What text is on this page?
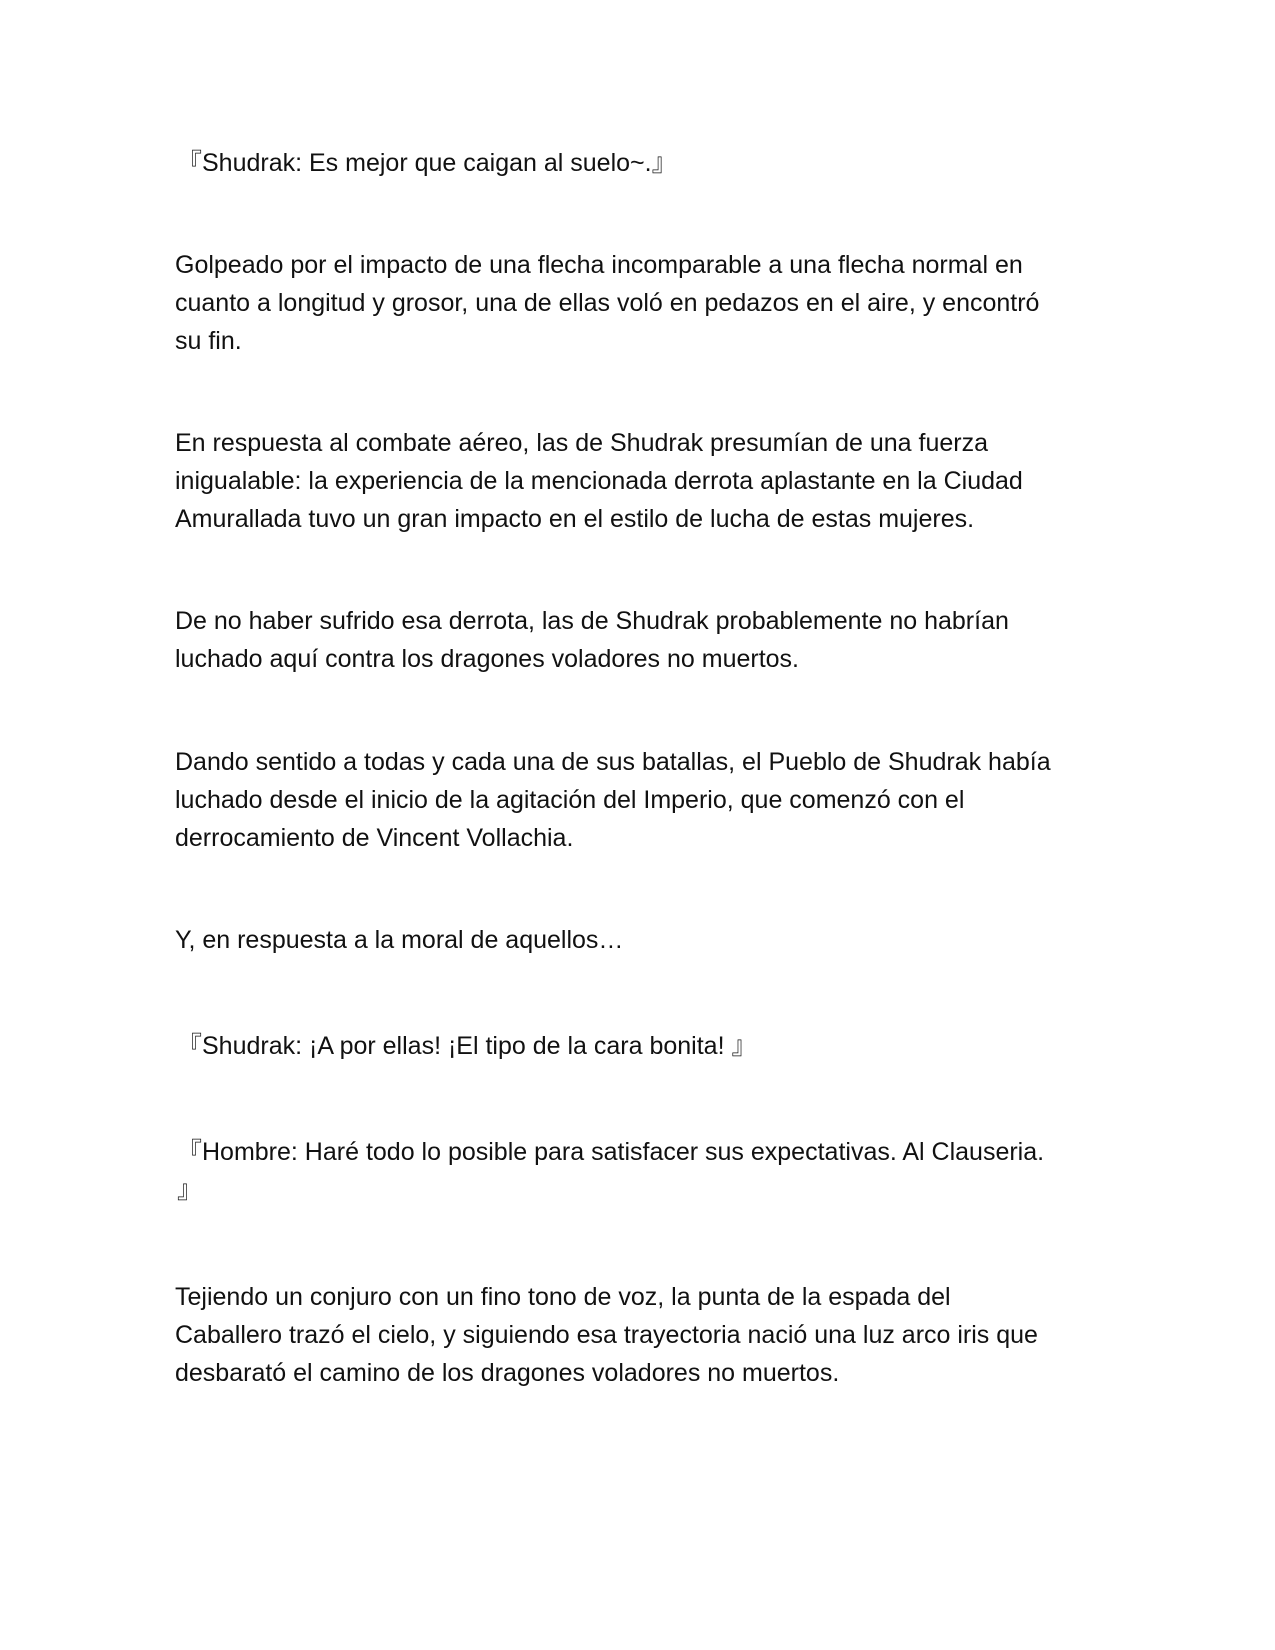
『Shudrak: Es mejor que caigan al suelo~.』

Golpeado por el impacto de una flecha incomparable a una flecha normal en
cuanto a longitud y grosor, una de ellas voló en pedazos en el aire, y encontró
su fin.

En respuesta al combate aéreo, las de Shudrak presumían de una fuerza
inigualable: la experiencia de la mencionada derrota aplastante en la Ciudad
Amurallada tuvo un gran impacto en el estilo de lucha de estas mujeres.

De no haber sufrido esa derrota, las de Shudrak probablemente no habrían
luchado aquí contra los dragones voladores no muertos.

Dando sentido a todas y cada una de sus batallas, el Pueblo de Shudrak había
luchado desde el inicio de la agitación del Imperio, que comenzó con el
derrocamiento de Vincent Vollachia.

Y, en respuesta a la moral de aquellos…

『Shudrak: ¡A por ellas! ¡El tipo de la cara bonita! 』

『Hombre: Haré todo lo posible para satisfacer sus expectativas. Al Clauseria.
』

Tejiendo un conjuro con un fino tono de voz, la punta de la espada del
Caballero trazó el cielo, y siguiendo esa trayectoria nació una luz arco iris que
desbarató el camino de los dragones voladores no muertos.
